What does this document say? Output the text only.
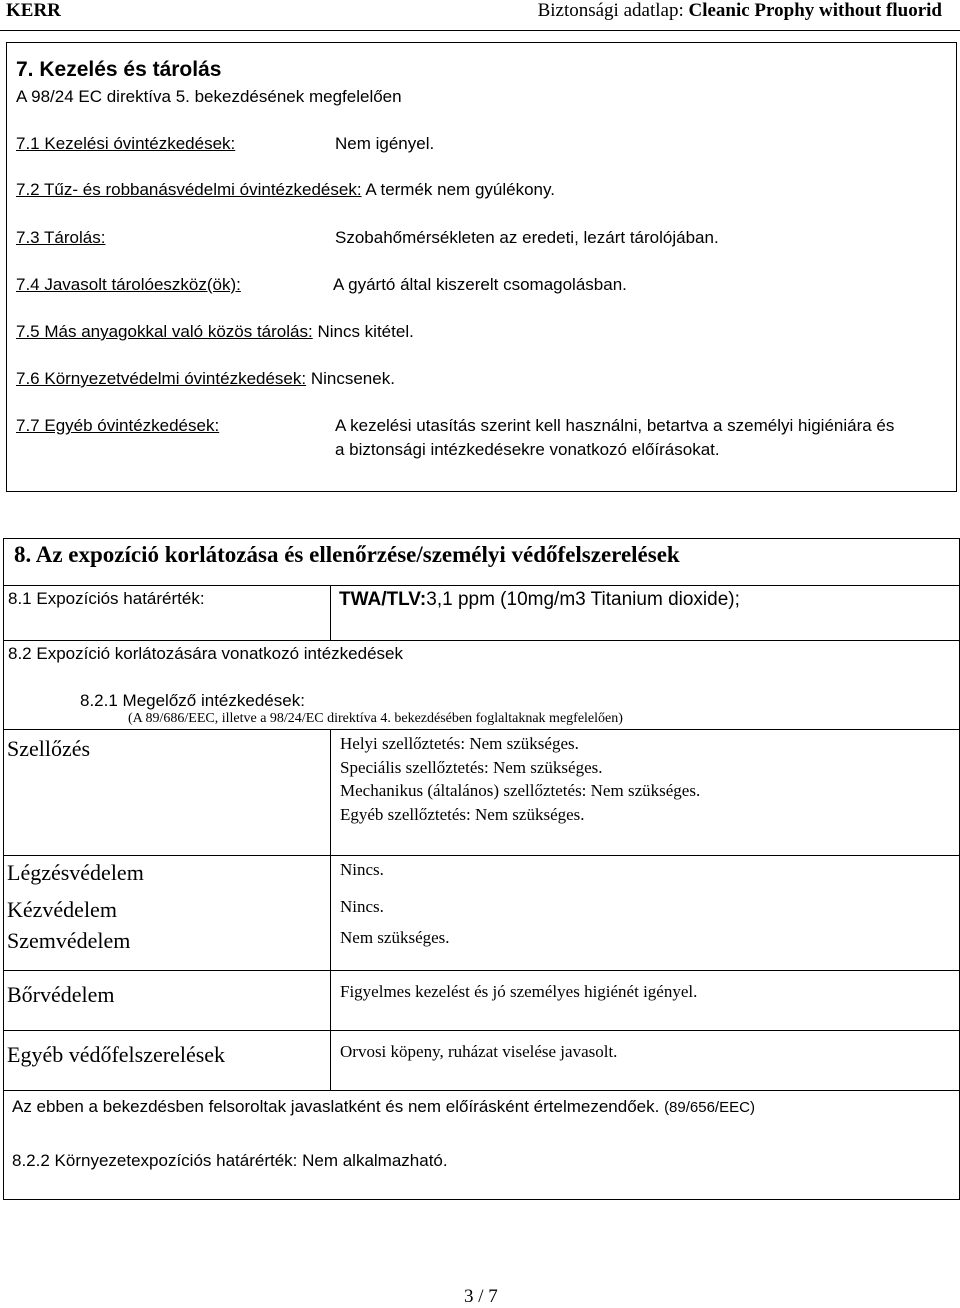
KERR	Biztonsági adatlap: Cleanic Prophy without fluorid
7. Kezelés és tárolás
A 98/24 EC direktíva 5. bekezdésének megfelelően
7.1 Kezelési óvintézkedések:	Nem igényel.
7.2 Tűz- és robbanásvédelmi óvintézkedések: A termék nem gyúlékony.
7.3 Tárolás:	Szobahőmérsékleten az eredeti, lezárt tárolójában.
7.4 Javasolt tárolóeszköz(ök):	A gyártó által kiszerelt csomagolásban.
7.5 Más anyagokkal való közös tárolás: Nincs kitétel.
7.6 Környezetvédelmi óvintézkedések: Nincsenek.
7.7 Egyéb óvintézkedések:	A kezelési utasítás szerint kell használni, betartva a személyi higiéniára és
a biztonsági intézkedésekre vonatkozó előírásokat.
8. Az expozíció korlátozása és ellenőrzése/személyi védőfelszerelések
8.1 Expozíciós határérték:	TWA/TLV:3,1 ppm (10mg/m3 Titanium dioxide);
8.2 Expozíció korlátozására vonatkozó intézkedések
8.2.1 Megelőző intézkedések:
(A 89/686/EEC, illetve a 98/24/EC direktíva 4. bekezdésében foglaltaknak megfelelően)
Szellőzés	Helyi szellőztetés: Nem szükséges.
Speciális szellőztetés: Nem szükséges.
Mechanikus (általános) szellőztetés: Nem szükséges.
Egyéb szellőztetés: Nem szükséges.
Légzésvédelem	Nincs.
Kézvédelem	Nincs.
Szemvédelem	Nem szükséges.
Bőrvédelem	Figyelmes kezelést és jó személyes higiénét igényel.
Egyéb védőfelszerelések	Orvosi köpeny, ruházat viselése javasolt.
Az ebben a bekezdésben felsoroltak javaslatként és nem előírásként értelmezendőek. (89/656/EEC)
8.2.2 Környezetexpozíciós határérték: Nem alkalmazható.
3 / 7
